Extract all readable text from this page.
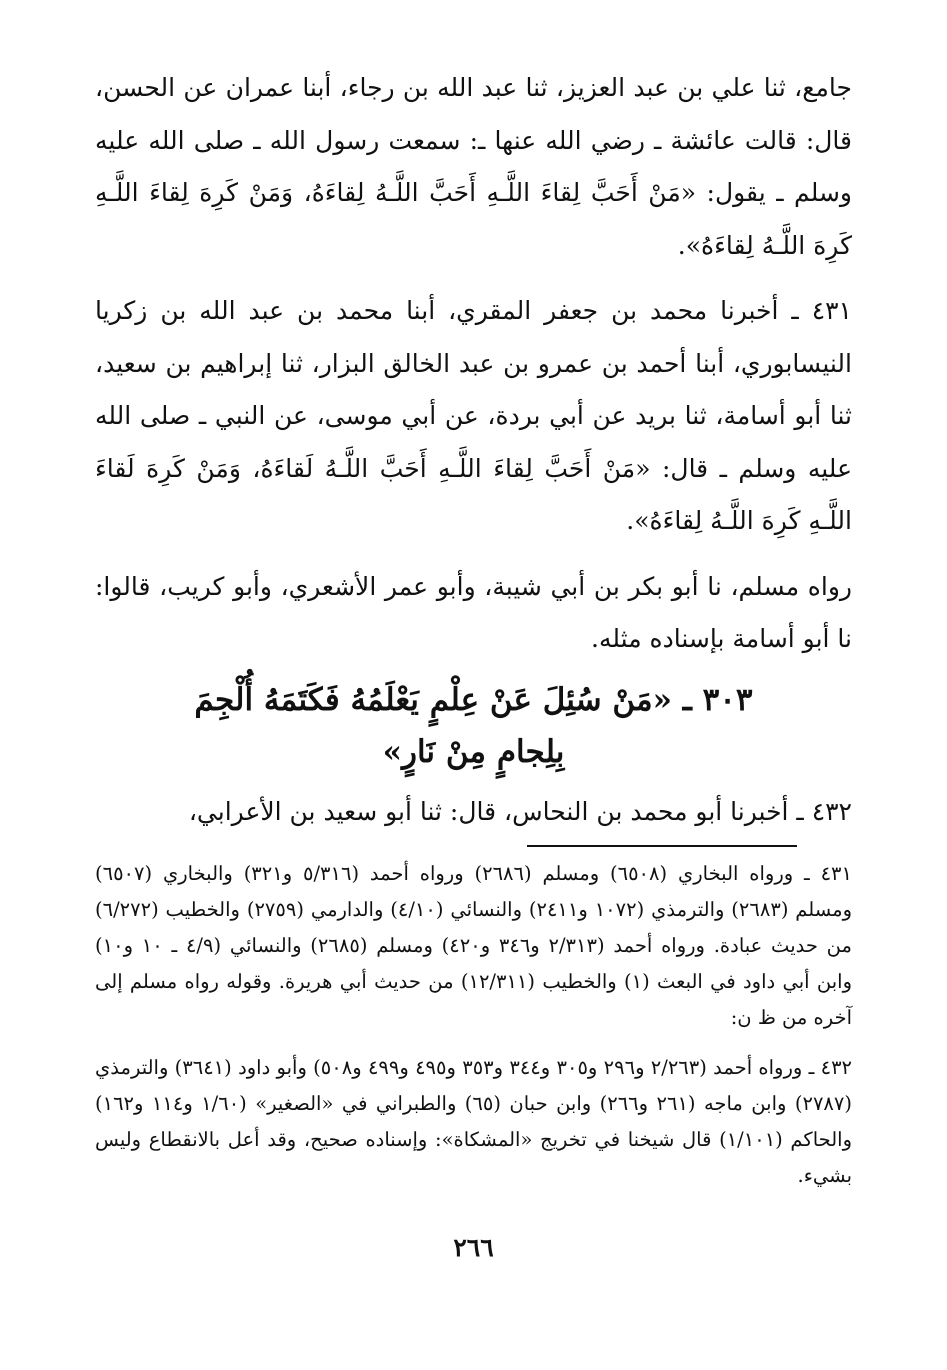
جامع، ثنا علي بن عبد العزيز، ثنا عبد الله بن رجاء، أبنا عمران عن الحسن، قال: قالت عائشة ـ رضي الله عنها ـ: سمعت رسول الله ـ صلى الله عليه وسلم ـ يقول: «مَنْ أَحَبَّ لِقاءَ اللَّـهِ أَحَبَّ اللَّـهُ لِقاءَهُ، وَمَنْ كَرِهَ لِقاءَ اللَّـهِ كَرِهَ اللَّـهُ لِقاءَهُ».

٤٣١ ـ أخبرنا محمد بن جعفر المقري، أبنا محمد بن عبد الله بن زكريا النيسابوري، أبنا أحمد بن عمرو بن عبد الخالق البزار، ثنا إبراهيم بن سعيد، ثنا أبو أسامة، ثنا بريد عن أبي بردة، عن أبي موسى، عن النبي ـ صلى الله عليه وسلم ـ قال: «مَنْ أَحَبَّ لِقاءَ اللَّـهِ أَحَبَّ اللَّـهُ لَقاءَهُ، وَمَنْ كَرِهَ لَقاءَ اللَّـهِ كَرِهَ اللَّـهُ لِقاءَهُ».

رواه مسلم، نا أبو بكر بن أبي شيبة، وأبو عمر الأشعري، وأبو كريب، قالوا: نا أبو أسامة بإسناده مثله.

٣٠٣ ـ «مَنْ سُئِلَ عَنْ عِلْمٍ يَعْلَمُهُ فَكَتَمَهُ أُلْجِمَ
بِلِجامٍ مِنْ نَارٍ»

٤٣٢ ـ أخبرنا أبو محمد بن النحاس، قال: ثنا أبو سعيد بن الأعرابي،

٤٣١ ـ ورواه البخاري (٦٥٠٨) ومسلم (٢٦٨٦) ورواه أحمد (٥/٣١٦ و٣٢١) والبخاري (٦٥٠٧) ومسلم (٢٦٨٣) والترمذي (١٠٧٢ و٢٤١١) والنسائي (٤/١٠) والدارمي (٢٧٥٩) والخطيب (٦/٢٧٢) من حديث عبادة. ورواه أحمد (٢/٣١٣ و٣٤٦ و٤٢٠) ومسلم (٢٦٨٥) والنسائي (٤/٩ ـ ١٠ و١٠) وابن أبي داود في البعث (١) والخطيب (١٢/٣١١) من حديث أبي هريرة. وقوله رواه مسلم إلى آخره من ظ ن:

٤٣٢ ـ ورواه أحمد (٢/٢٦٣ و٢٩٦ و٣٠٥ و٣٤٤ و٣٥٣ و٤٩٥ و٤٩٩ و٥٠٨) وأبو داود (٣٦٤١) والترمذي (٢٧٨٧) وابن ماجه (٢٦١ و٢٦٦) وابن حبان (٦٥) والطبراني في «الصغير» (١/٦٠ و١١٤ و١٦٢) والحاكم (١/١٠١) قال شيخنا في تخريج «المشكاة»: وإسناده صحيح، وقد أعل بالانقطاع وليس بشيء.

٢٦٦
